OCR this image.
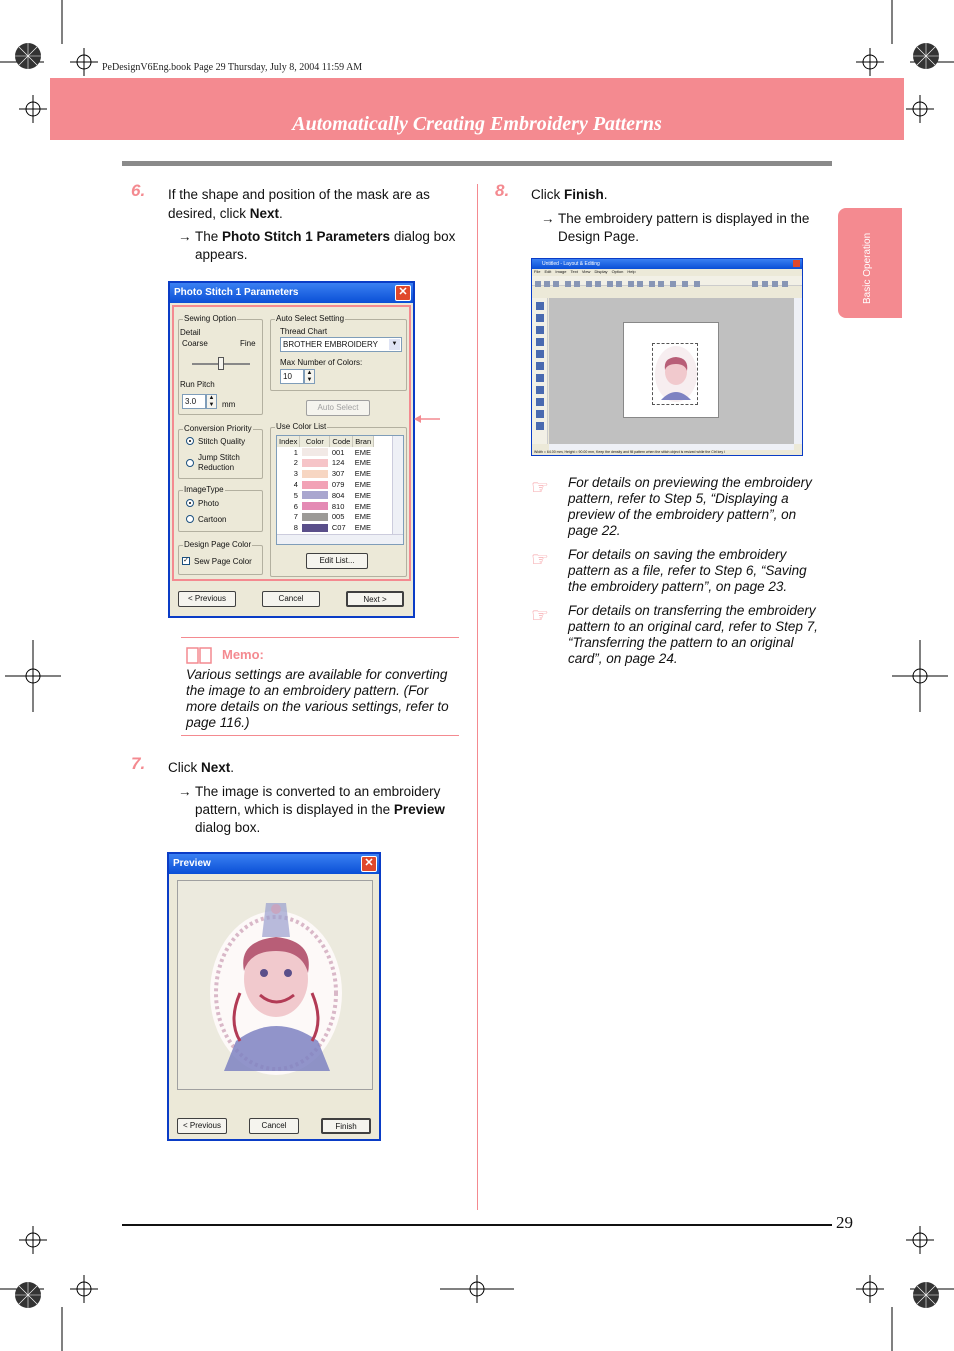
PeDesignV6Eng.book Page 29 Thursday, July 8, 2004 11:59 AM
Automatically Creating Embroidery Patterns
Basic Operation
6. If the shape and position of the mask are as desired, click Next.
→ The Photo Stitch 1 Parameters dialog box appears.
Photo Stitch 1 Parameters	✕
Sewing Option
Detail
Coarse	Fine
Run Pitch
3.0	▲
▼ mm
Auto Select Setting
Thread Chart
BROTHER EMBROIDERY	▼
Max Number of Colors:
10	▲
▼
Auto Select
Conversion Priority
Stitch Quality
Jump Stitch
Reduction
ImageType
Photo
Cartoon
Design Page Color
✓ Sew Page Color
Use Color List
Index	Color	Code	Bran
1		001	EME
2		124	EME
3		307	EME
4		079	EME
5		804	EME
6		810	EME
7		005	EME
8		C07	EME
Edit List...
< Previous	Cancel	Next >
Memo:
Various settings are available for converting the image to an embroidery pattern. (For more details on the various settings, refer to page 116.)
7. Click Next.
→ The image is converted to an embroidery pattern, which is displayed in the Preview dialog box.
Preview	✕
< Previous	Cancel	Finish
8. Click Finish.
→ The embroidery pattern is displayed in the Design Page.
Untitled - Layout & Editing
File Edit Image Text View Display Option Help
Width = 64.00 mm, Height = 90.00 mm, Keep the density and fill pattern when the stitch object is resized while the Ctrl key i
☞ For details on previewing the embroidery pattern, refer to Step 5, “Displaying a preview of the embroidery pattern”, on page 22.
☞ For details on saving the embroidery pattern as a file, refer to Step 6, “Saving the embroidery pattern”, on page 23.
☞ For details on transferring the embroidery pattern to an original card, refer to Step 7, “Transferring the pattern to an original card”, on page 24.
29
